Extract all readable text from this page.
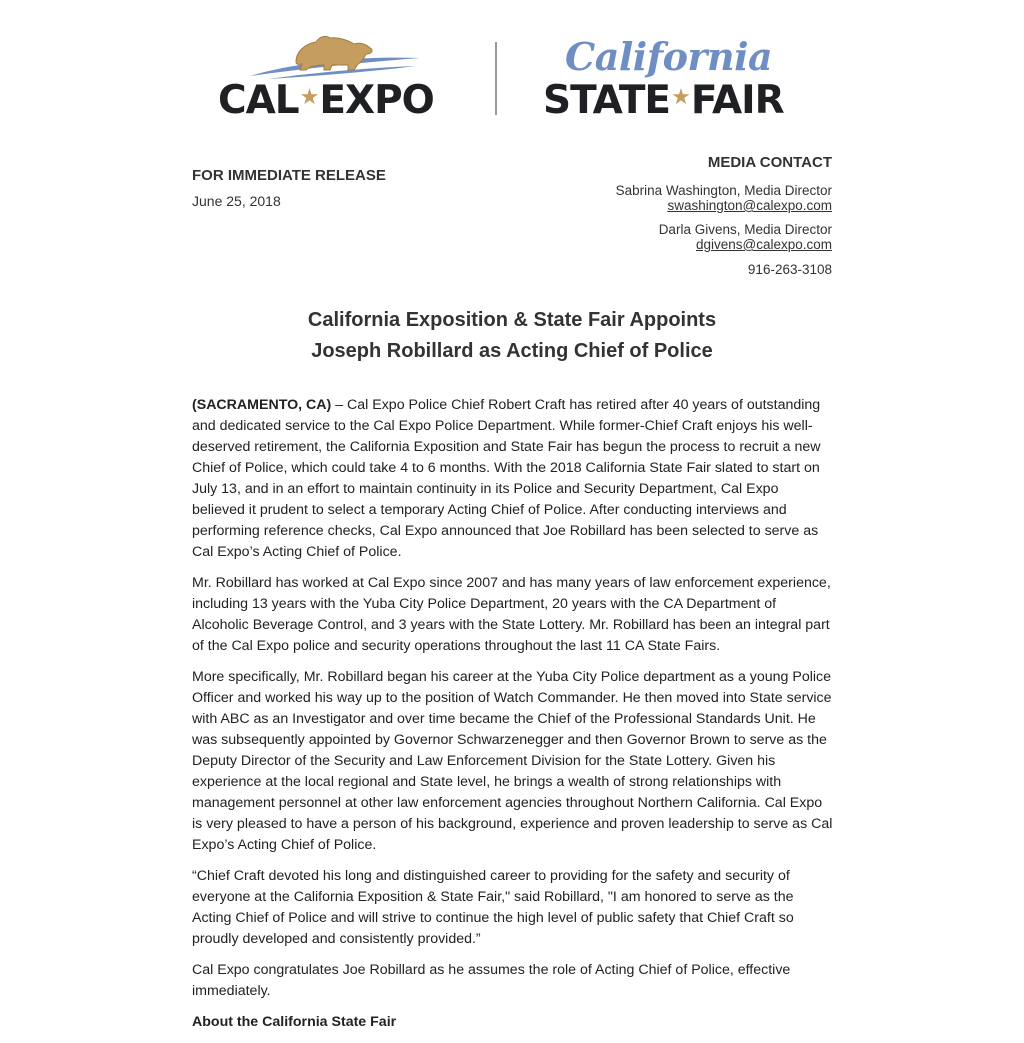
CAL★EXPO
California
STATE★FAIR
FOR IMMEDIATE RELEASE
June 25, 2018
MEDIA CONTACT
Sabrina Washington, Media Director
swashington@calexpo.com
Darla Givens, Media Director
dgivens@calexpo.com
916-263-3108
California Exposition & State Fair Appoints
Joseph Robillard as Acting Chief of Police

(SACRAMENTO, CA) – Cal Expo Police Chief Robert Craft has retired after 40 years of outstanding and dedicated service to the Cal Expo Police Department. While former-Chief Craft enjoys his well-deserved retirement, the California Exposition and State Fair has begun the process to recruit a new Chief of Police, which could take 4 to 6 months. With the 2018 California State Fair slated to start on July 13, and in an effort to maintain continuity in its Police and Security Department, Cal Expo believed it prudent to select a temporary Acting Chief of Police. After conducting interviews and performing reference checks, Cal Expo announced that Joe Robillard has been selected to serve as Cal Expo’s Acting Chief of Police.

Mr. Robillard has worked at Cal Expo since 2007 and has many years of law enforcement experience, including 13 years with the Yuba City Police Department, 20 years with the CA Department of Alcoholic Beverage Control, and 3 years with the State Lottery. Mr. Robillard has been an integral part of the Cal Expo police and security operations throughout the last 11 CA State Fairs.

More specifically, Mr. Robillard began his career at the Yuba City Police department as a young Police Officer and worked his way up to the position of Watch Commander. He then moved into State service with ABC as an Investigator and over time became the Chief of the Professional Standards Unit. He was subsequently appointed by Governor Schwarzenegger and then Governor Brown to serve as the Deputy Director of the Security and Law Enforcement Division for the State Lottery. Given his experience at the local regional and State level, he brings a wealth of strong relationships with management personnel at other law enforcement agencies throughout Northern California. Cal Expo is very pleased to have a person of his background, experience and proven leadership to serve as Cal Expo’s Acting Chief of Police.

“Chief Craft devoted his long and distinguished career to providing for the safety and security of everyone at the California Exposition & State Fair," said Robillard, "I am honored to serve as the Acting Chief of Police and will strive to continue the high level of public safety that Chief Craft so proudly developed and consistently provided.”

Cal Expo congratulates Joe Robillard as he assumes the role of Acting Chief of Police, effective immediately.

About the California State Fair
